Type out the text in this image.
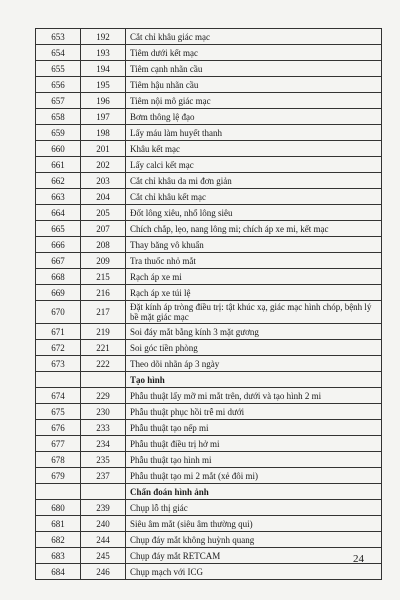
653	192	Cắt chỉ khâu giác mạc
654	193	Tiêm dưới kết mạc
655	194	Tiêm cạnh nhãn cầu
656	195	Tiêm hậu nhãn cầu
657	196	Tiêm nội mô giác mạc
658	197	Bơm thông lệ đạo
659	198	Lấy máu làm huyết thanh
660	201	Khâu kết mạc
661	202	Lấy calci kết mạc
662	203	Cắt chỉ khâu da mi đơn giản
663	204	Cắt chỉ khâu kết mạc
664	205	Đốt lông xiêu, nhổ lông siêu
665	207	Chích chắp, lẹo, nang lông mi; chích áp xe mi, kết mạc
666	208	Thay băng vô khuẩn
667	209	Tra thuốc nhỏ mắt
668	215	Rạch áp xe mi
669	216	Rạch áp xe túi lệ
670	217	Đặt kính áp tròng điều trị: tật khúc xạ, giác mạc hình chóp, bệnh lý bề mặt giác mạc
671	219	Soi đáy mắt bằng kính 3 mặt gương
672	221	Soi góc tiền phòng
673	222	Theo dõi nhãn áp 3 ngày
		Tạo hình
674	229	Phẫu thuật lấy mỡ mi mắt trên, dưới và tạo hình 2 mi
675	230	Phẫu thuật phục hồi trễ mi dưới
676	233	Phẫu thuật tạo nếp mi
677	234	Phẫu thuật điều trị hở mi
678	235	Phẫu thuật tạo hình mi
679	237	Phẫu thuật tạo mi 2 mắt (xẻ đôi mi)
		Chẩn đoán hình ảnh
680	239	Chụp lỗ thị giác
681	240	Siêu âm mắt (siêu âm thường qui)
682	244	Chụp đáy mắt không huỳnh quang
683	245	Chụp đáy mắt RETCAM
684	246	Chụp mạch với ICG
24
